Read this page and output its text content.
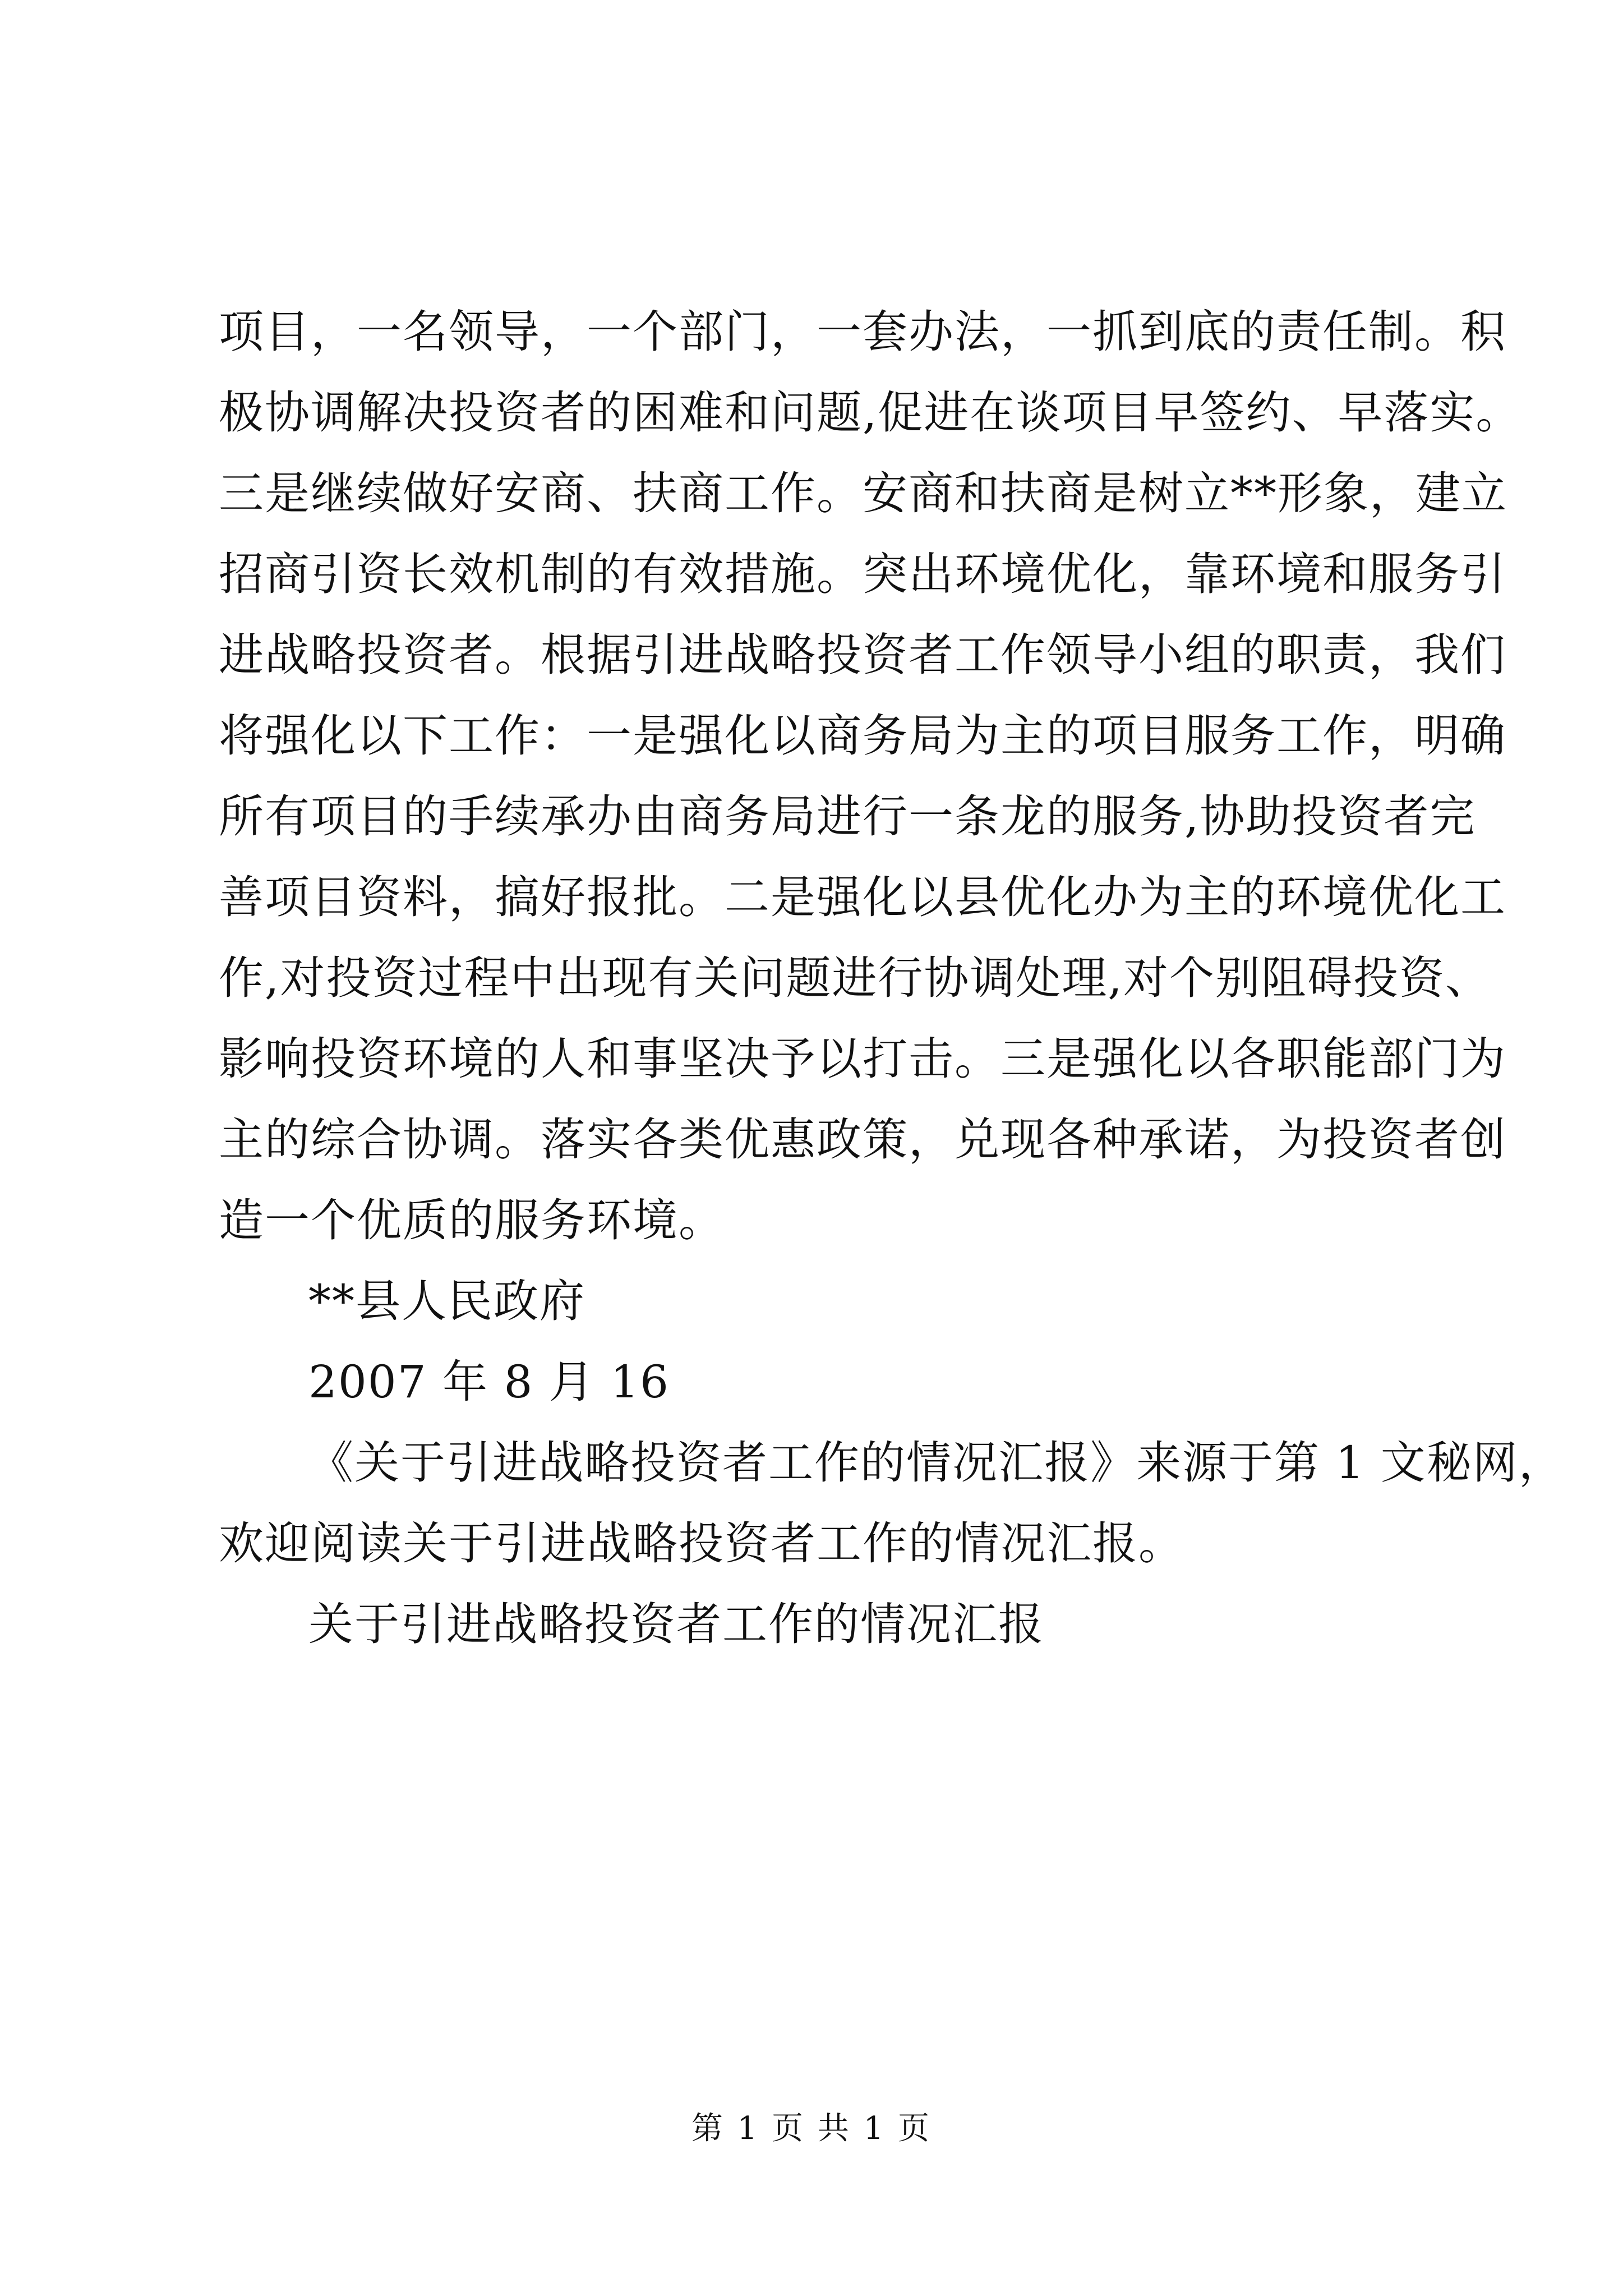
项目，一名领导，一个部门，一套办法，一抓到底的责任制。积
极协调解决投资者的困难和问题,促进在谈项目早签约、早落实。
三是继续做好安商、扶商工作。安商和扶商是树立**形象，建立
招商引资长效机制的有效措施。突出环境优化，靠环境和服务引
进战略投资者。根据引进战略投资者工作领导小组的职责，我们
将强化以下工作：一是强化以商务局为主的项目服务工作，明确
所有项目的手续承办由商务局进行一条龙的服务,协助投资者完
善项目资料，搞好报批。二是强化以县优化办为主的环境优化工
作,对投资过程中出现有关问题进行协调处理,对个别阻碍投资、
影响投资环境的人和事坚决予以打击。三是强化以各职能部门为
主的综合协调。落实各类优惠政策，兑现各种承诺，为投资者创
造一个优质的服务环境。
**县人民政府
2007 年 8 月 16
《关于引进战略投资者工作的情况汇报》来源于第 1 文秘网，
欢迎阅读关于引进战略投资者工作的情况汇报。
关于引进战略投资者工作的情况汇报
第 1 页 共 1 页
